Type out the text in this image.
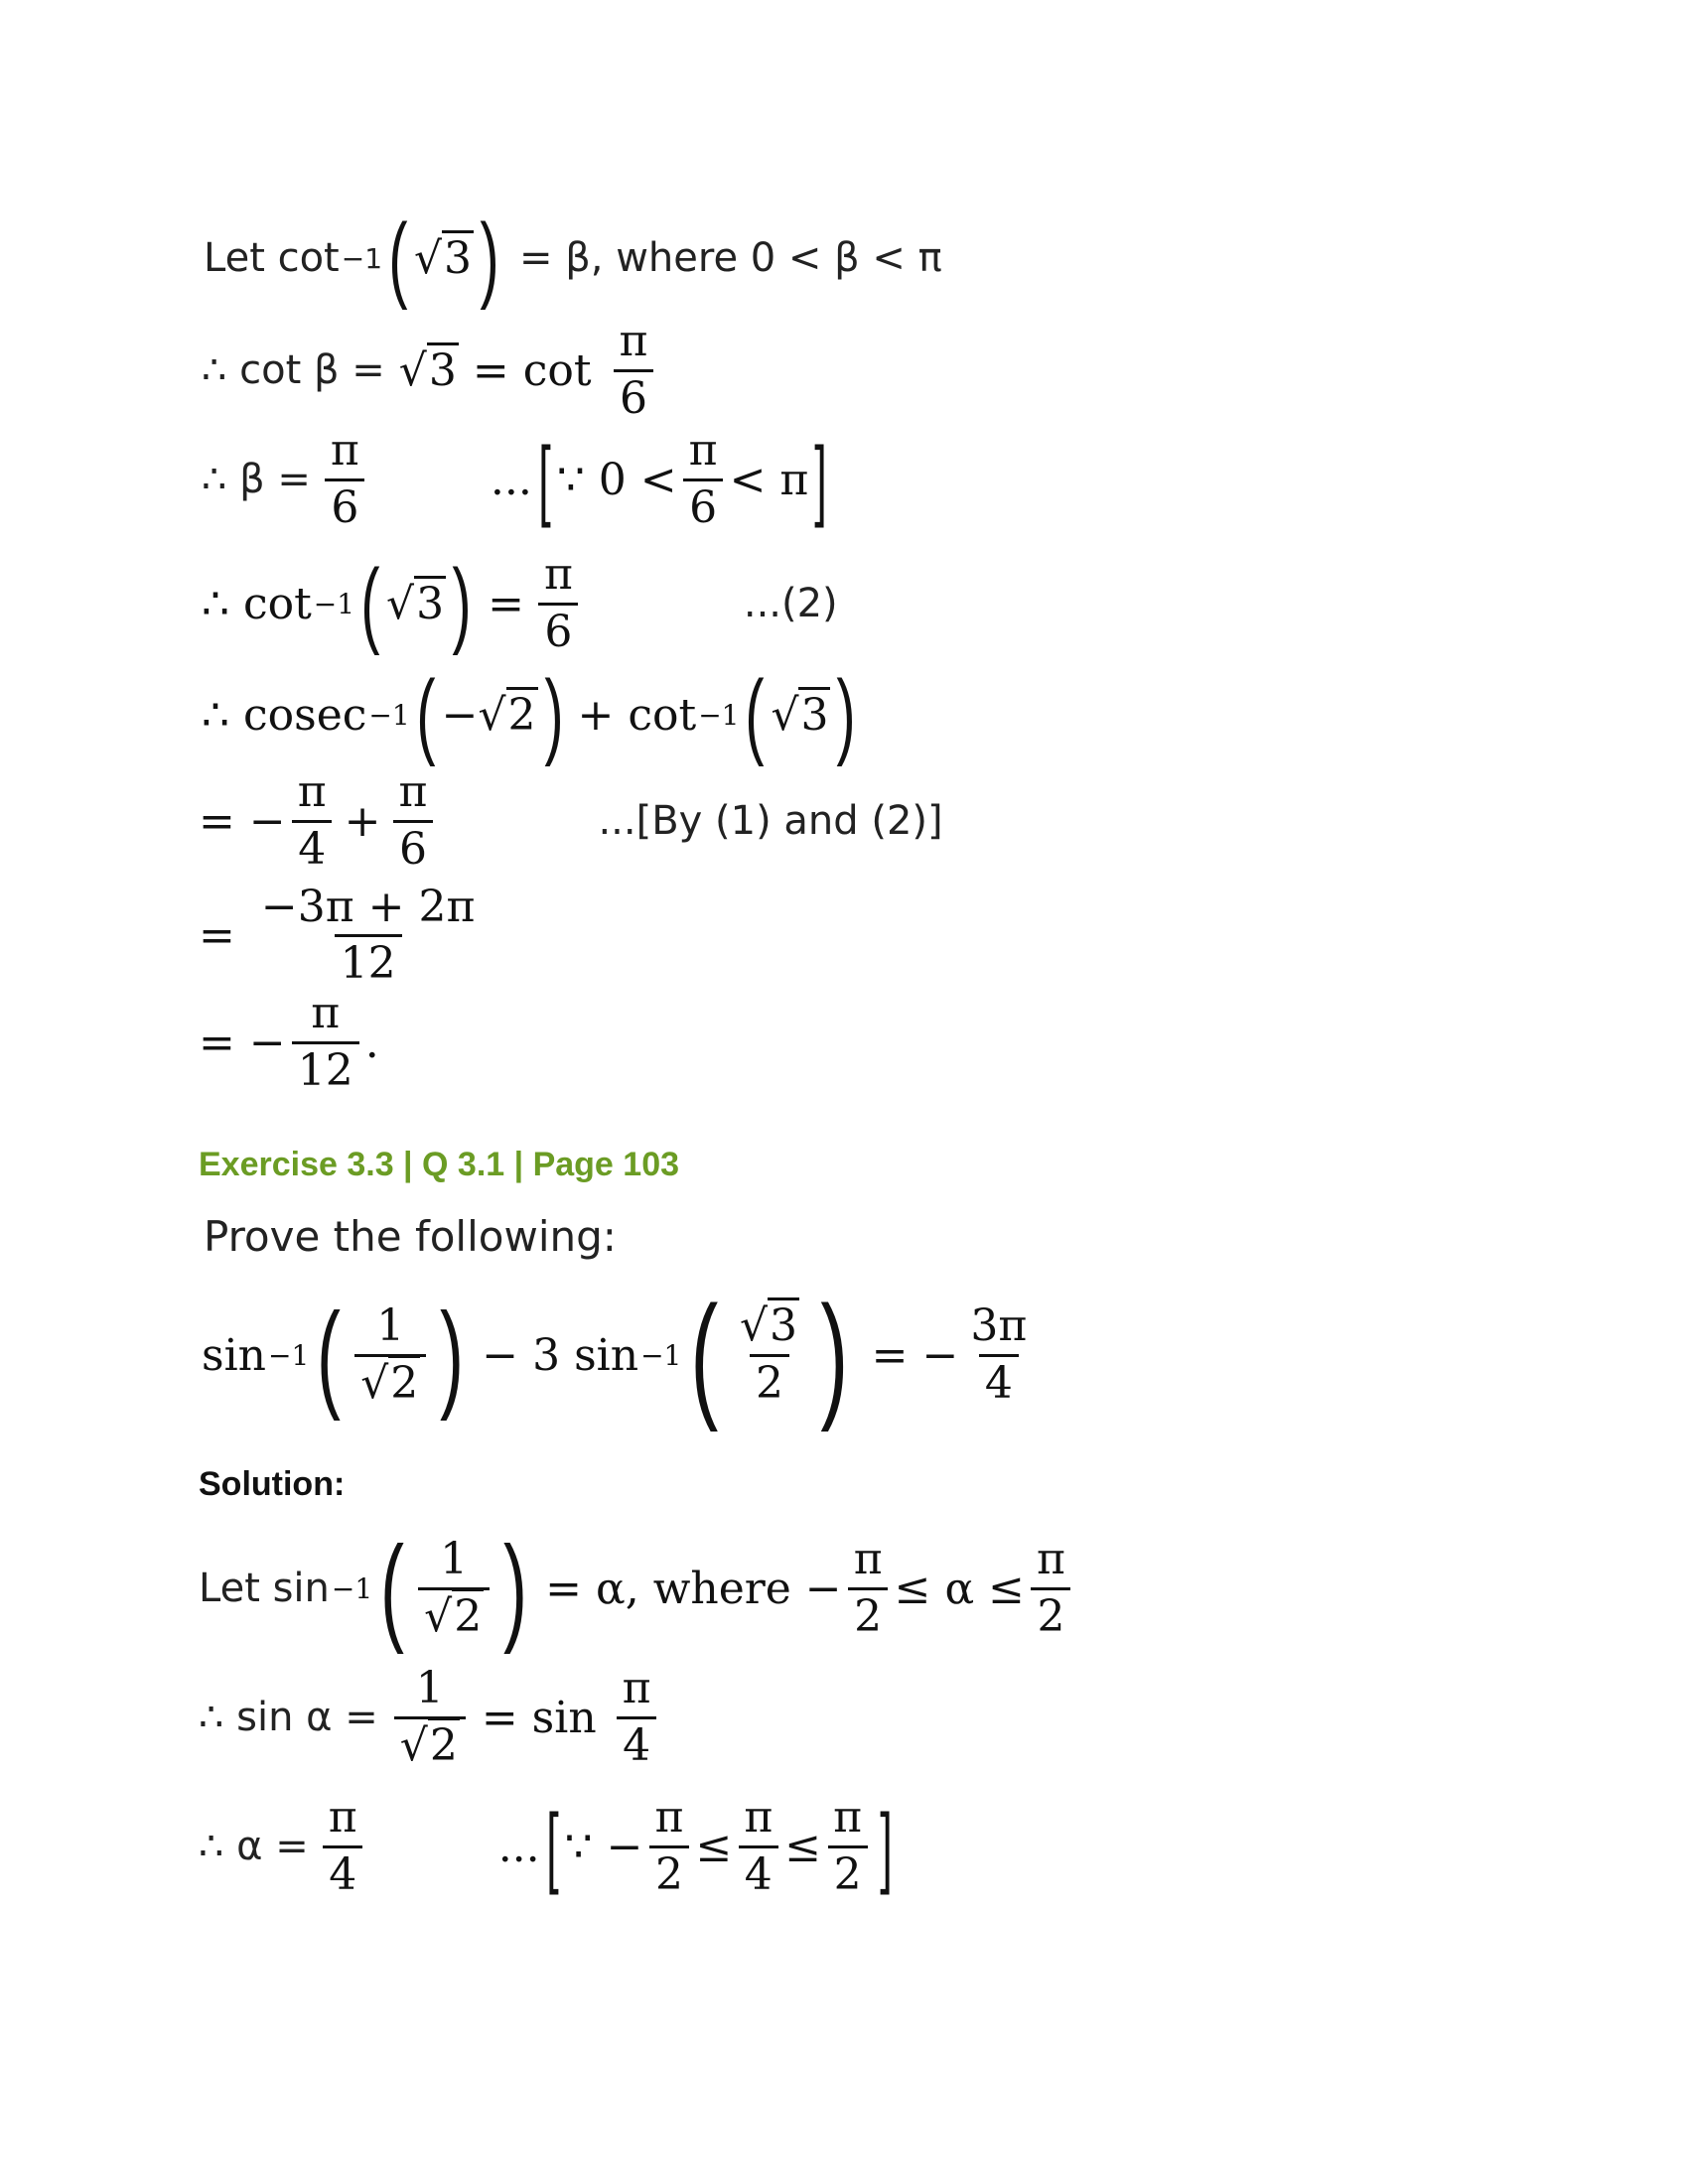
Let cot −1 ( √3 ) = β, where 0 < β < π
∴ $\cot \beta = √3 = \cot \frac{\pi}{6}$
∴ $\beta = \frac{\pi}{6}$	... [ ∵ $0 < \frac{\pi}{6} < \pi$ ]
∴ cot −1 ( √3 ) = $\frac{\pi}{6}$	...(2)
∴ cosec −1 ( − √2 ) + cot −1 ( √3 )
= − $\frac{\pi}{4} + \frac{\pi}{6}$	...[By (1) and (2)]
= $\frac{-3\pi + 2\pi}{12}$
= − $\frac{\pi}{12}$ .
Exercise 3.3 | Q 3.1 | Page 103
Prove the following:
sin −1 ( $\frac{1}{√2}$ ) − 3 sin −1 ( $\frac{√3}{2}$ ) = − $\frac{3\pi}{4}$
Solution:
Let sin −1 ( $\frac{1}{√2}$ ) = α, where − $\frac{\pi}{2} \le \alpha \le \frac{\pi}{2}$
∴ $\sin \alpha = \frac{1}{√2} = \sin \frac{\pi}{4}$
∴ $\alpha = \frac{\pi}{4}$	... [ ∵ − $\frac{\pi}{2} \le \frac{\pi}{4} \le \frac{\pi}{2}$ ]
